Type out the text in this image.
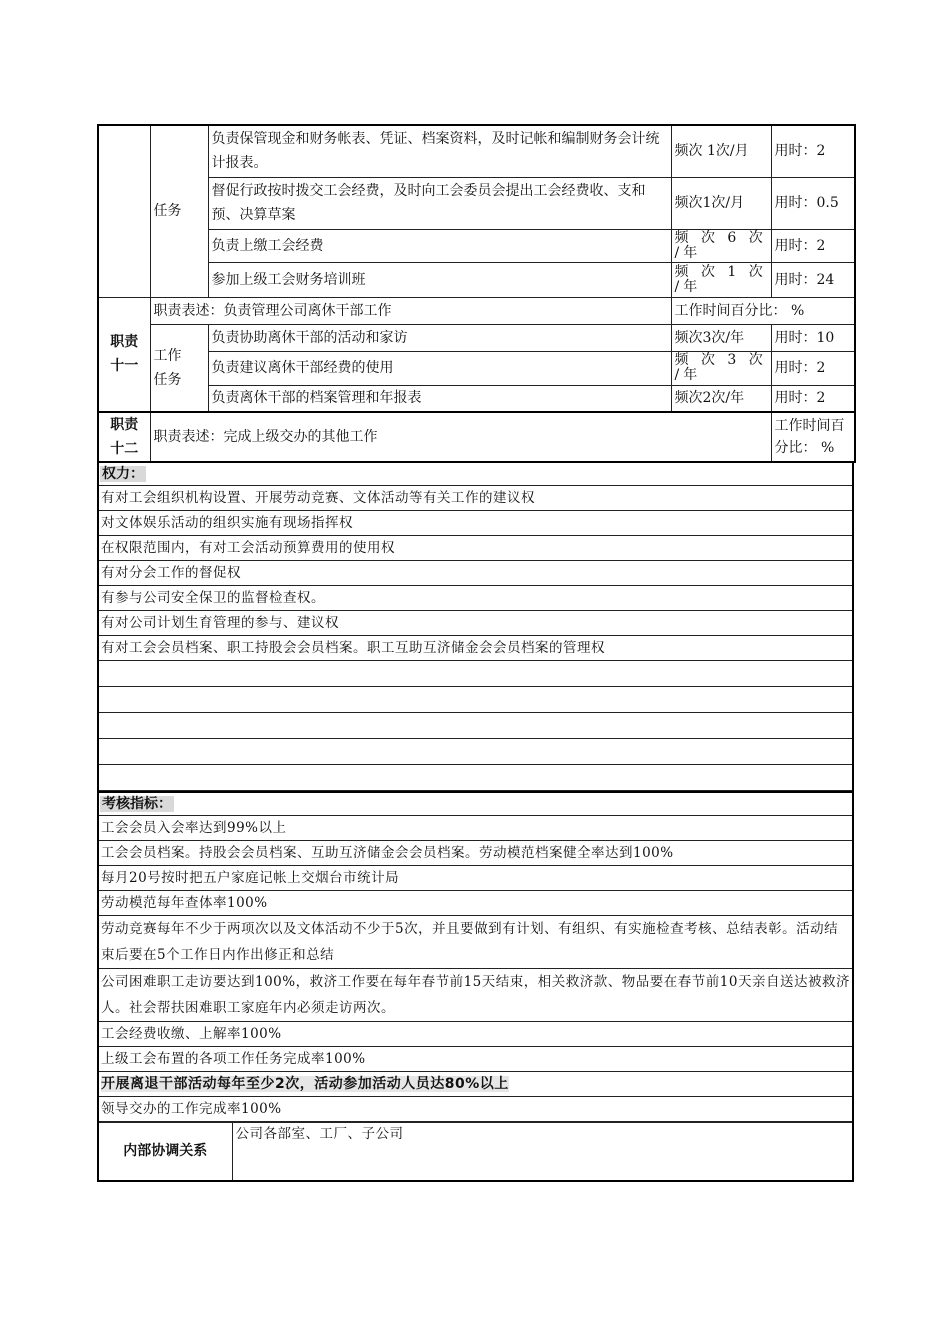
	任务	负责保管现金和财务帐表、凭证、档案资料，及时记帐和编制财务会计统计报表。	频次 1次/月	用时：2
		督促行政按时拨交工会经费，及时向工会委员会提出工会经费收、支和 预、决算草案	频次1次/月	用时：0.5
		负责上缴工会经费	频 次 6 次 /年	用时：2
		参加上级工会财务培训班	频 次 1 次 /年	用时：24

职责十一	职责表述：负责管理公司离休干部工作		工作时间百分比： %	

	工作任务	负责协助离休干部的活动和家访	频次3次/年	用时：10
		负责建议离休干部经费的使用	频 次 3 次 /年	用时：2
		负责离休干部的档案管理和年报表	频次2次/年	用时：2

职责十二	职责表述：完成上级交办的其他工作			工作时间百分比： %
权力：
有对工会组织机构设置、开展劳动竞赛、文体活动等有关工作的建议权
对文体娱乐活动的组织实施有现场指挥权
在权限范围内，有对工会活动预算费用的使用权
有对分会工作的督促权
有参与公司安全保卫的监督检查权。
有对公司计划生育管理的参与、建议权
有对工会会员档案、职工持股会会员档案。职工互助互济储金会会员档案的管理权

考核指标：
工会会员入会率达到99%以上
工会会员档案。持股会会员档案、互助互济储金会会员档案。劳动模范档案健全率达到100%
每月20号按时把五户家庭记帐上交烟台市统计局
劳动模范每年查体率100%
劳动竞赛每年不少于两项次以及文体活动不少于5次，并且要做到有计划、有组织、有实施检查考核、总结表彰。活动结束后要在5个工作日内作出修正和总结
公司困难职工走访要达到100%，救济工作要在每年春节前15天结束，相关救济款、物品要在春节前10天亲自送达被救济人。社会帮扶困难职工家庭年内必须走访两次。
工会经费收缴、上解率100%
上级工会布置的各项工作任务完成率100%
开展离退干部活动每年至少2次，活动参加活动人员达80%以上
领导交办的工作完成率100%
内部协调关系	公司各部室、工厂、子公司
